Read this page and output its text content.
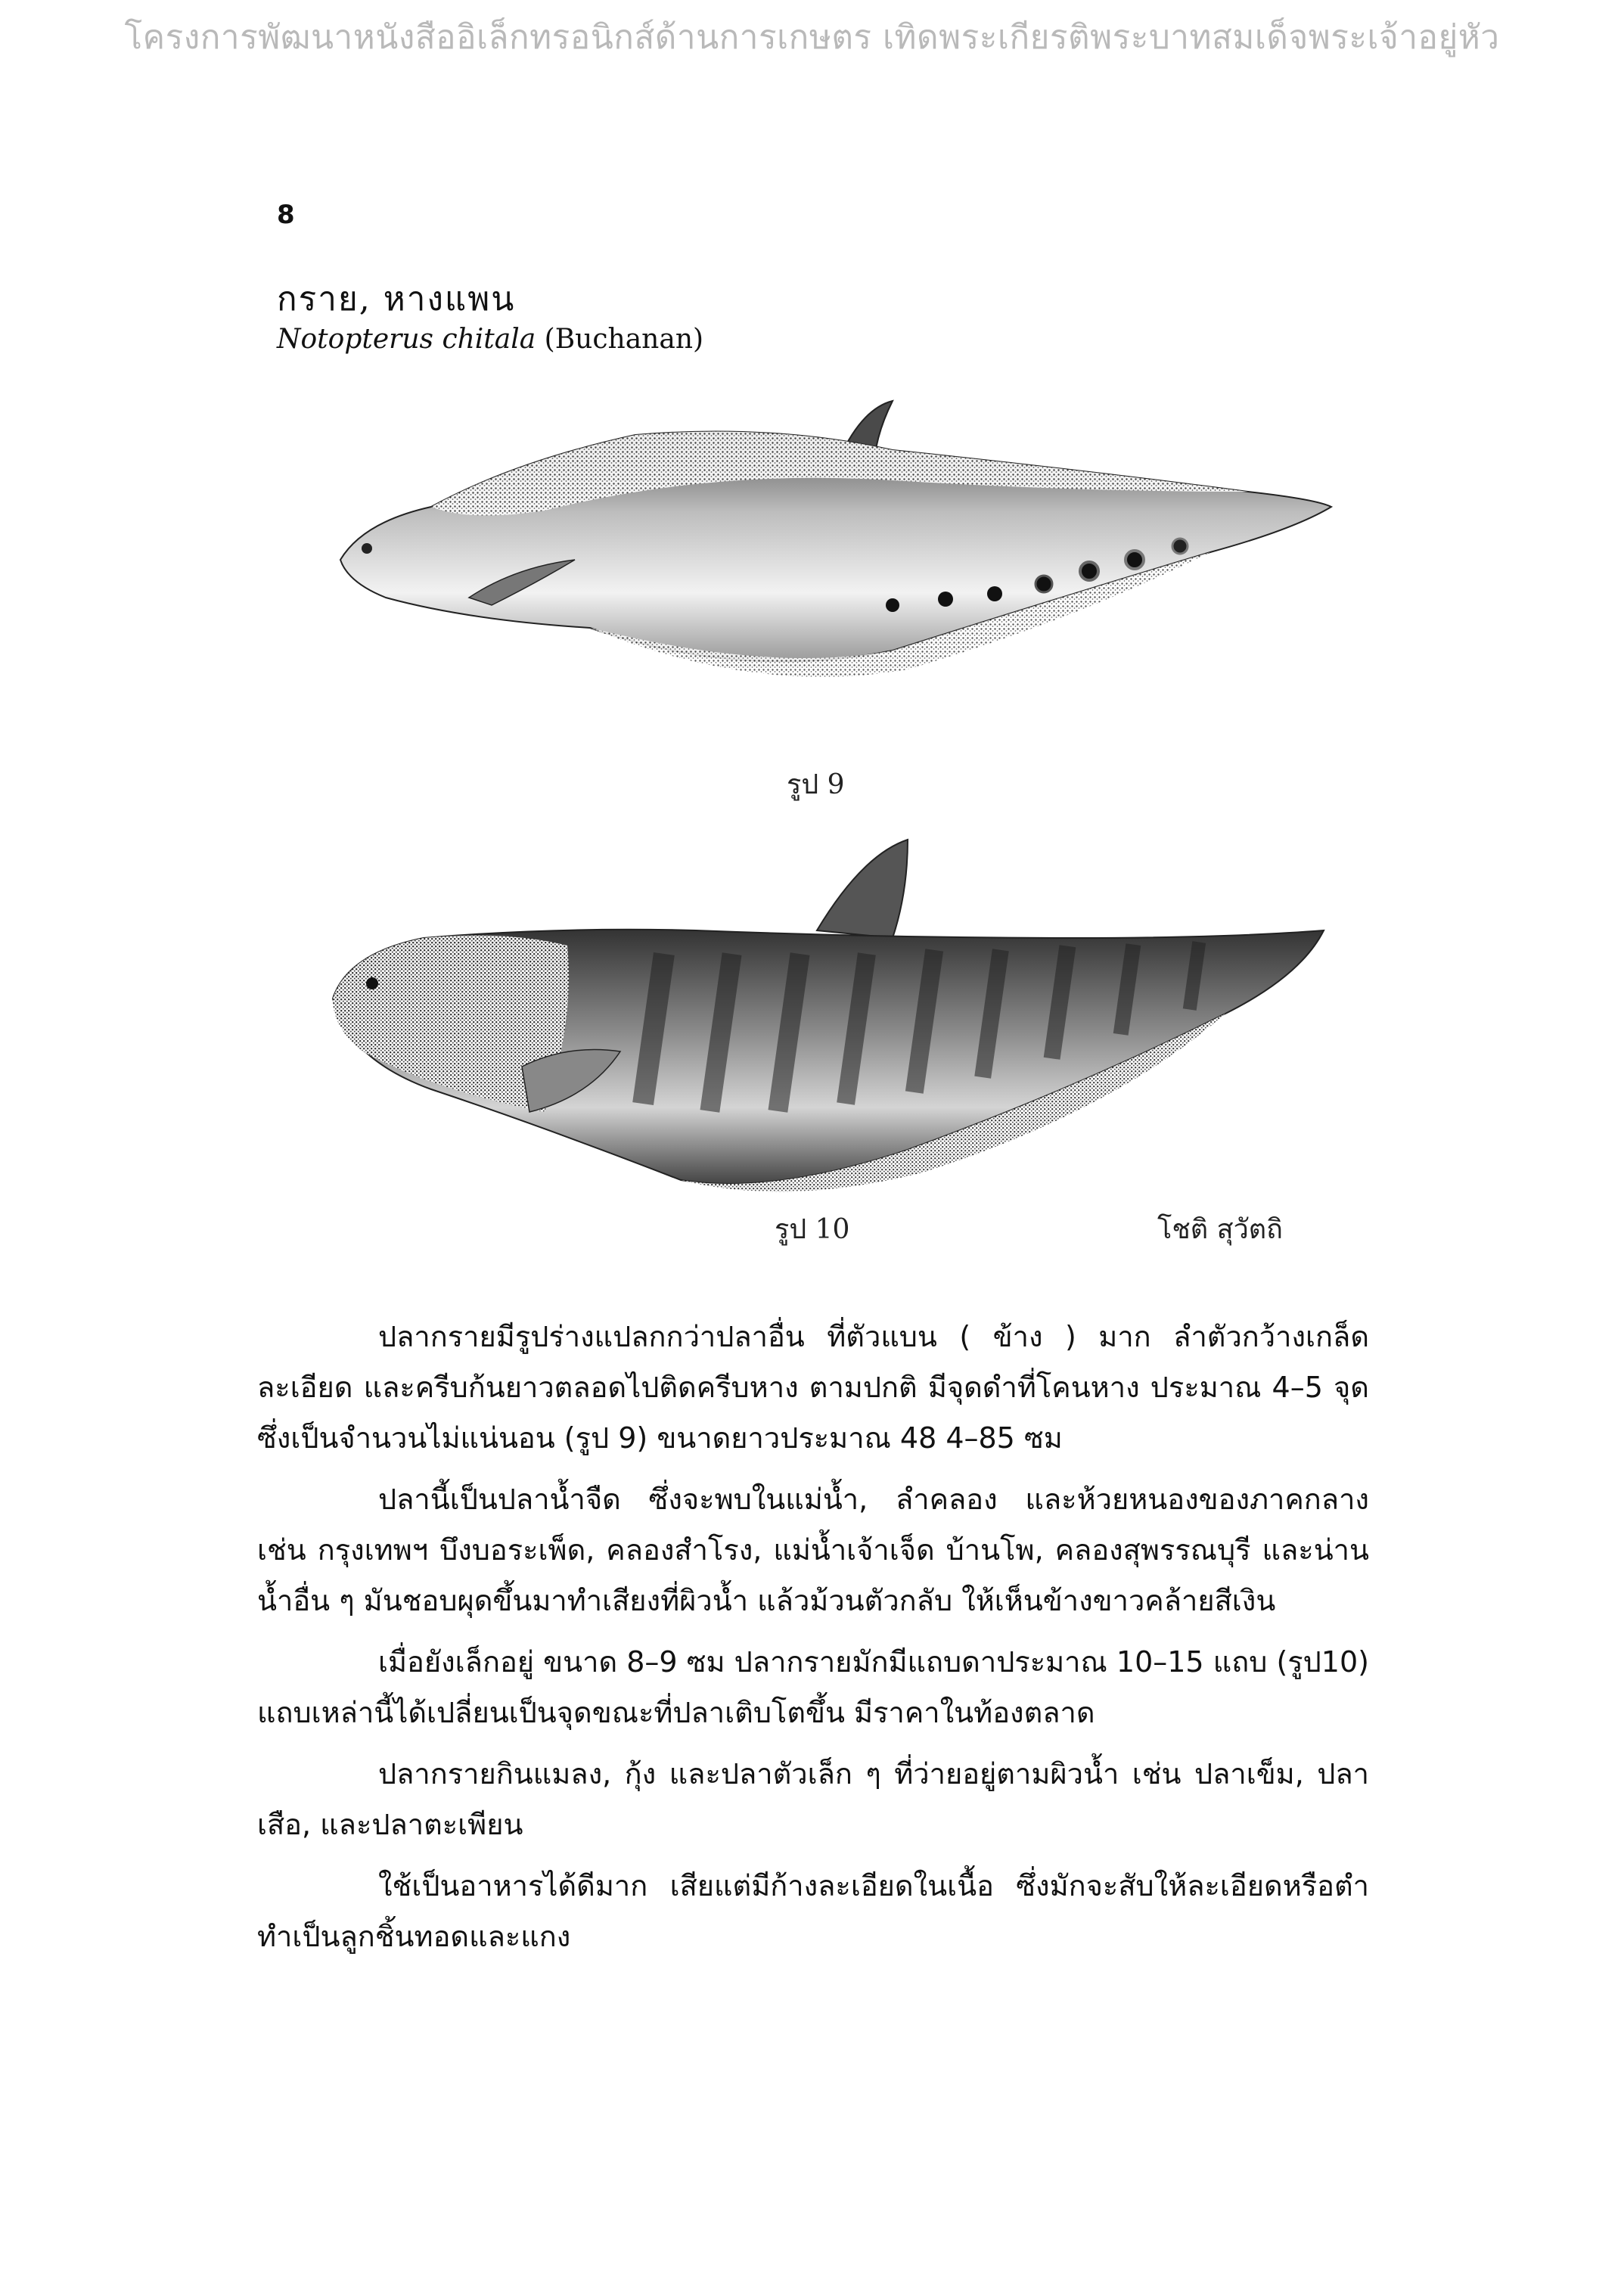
โครงการพัฒนาหนังสืออิเล็กทรอนิกส์ด้านการเกษตร เทิดพระเกียรติพระบาทสมเด็จพระเจ้าอยู่หัว
8
กราย, หางแพน
Notopterus chitala (Buchanan)
รูป 9
รูป 10	โชติ สุวัตถิ

ปลากรายมีรูปร่างแปลกกว่าปลาอื่น ที่ตัวแบน ( ข้าง ) มาก ลำตัวกว้างเกล็ดละเอียด และครีบก้นยาวตลอดไปติดครีบหาง ตามปกติ มีจุดดำที่โคนหาง ประมาณ 4–5 จุด ซึ่งเป็นจำนวนไม่แน่นอน (รูป 9) ขนาดยาวประมาณ 48 4–85 ซม

ปลานี้เป็นปลาน้ำจืด ซึ่งจะพบในแม่น้ำ, ลำคลอง และห้วยหนองของภาคกลาง เช่น กรุงเทพฯ บึงบอระเพ็ด, คลองสำโรง, แม่น้ำเจ้าเจ็ด บ้านโพ, คลองสุพรรณบุรี และน่านน้ำอื่น ๆ มันชอบผุดขึ้นมาทำเสียงที่ผิวน้ำ แล้วม้วนตัวกลับ ให้เห็นข้างขาวคล้ายสีเงิน

เมื่อยังเล็กอยู่ ขนาด 8–9 ซม ปลากรายมักมีแถบดาประมาณ 10–15 แถบ (รูป10) แถบเหล่านี้ได้เปลี่ยนเป็นจุดขณะที่ปลาเติบโตขึ้น มีราคาในท้องตลาด

ปลากรายกินแมลง, กุ้ง และปลาตัวเล็ก ๆ ที่ว่ายอยู่ตามผิวน้ำ เช่น ปลาเข็ม, ปลาเสือ, และปลาตะเพียน

ใช้เป็นอาหารได้ดีมาก เสียแต่มีก้างละเอียดในเนื้อ ซึ่งมักจะสับให้ละเอียดหรือตำ ทำเป็นลูกชิ้นทอดและแกง
